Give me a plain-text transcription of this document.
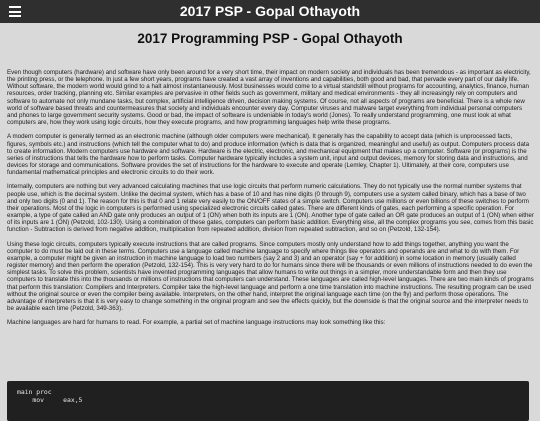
2017 PSP - Gopal Othayoth
2017 Programming PSP - Gopal Othayoth

Even though computers (hardware) and software have only been around for a very short time, their impact on modern society and individuals has been tremendous - as important as electricity, the printing press, or the telephone. In just a few short years, programs have created a vast array of inventions and capabilities, both good and bad, that pervade every part of our daily life. Without software, the modern world would grind to a halt almost instantaneously. Most businesses would come to a virtual standstill without programs for accounting, analytics, finance, human resources, order tracking, planning etc. Similar examples are pervasive in other fields such as government, military and medical environments - they all increasingly rely on computers and software to automate not only mundane tasks, but complex, artificial intelligence driven, decision making systems. Of course, not all aspects of programs are beneficial. There is a whole new world of software based threats and countermeasures that society and individuals encounter every day. Computer viruses and malware target everything from individual personal computers and phones to large government security systems. Good or bad, the impact of software is undeniable in today's world (Jones). To really understand programming, one must look at what computers are, how they work using logic circuits, how they execute programs, and how programming languages help write these programs.

A modern computer is generally termed as an electronic machine (although older computers were mechanical). It generally has the capability to accept data (which is unprocessed facts, figures, symbols etc.) and instructions (which tell the computer what to do) and produce information (which is data that is organized, meaningful and useful) as output. Computers process data to create information. Modern computers use hardware and software. Hardware is the electric, electronic, and mechanical equipment that makes up a computer. Software (or programs) is the series of instructions that tells the hardware how to perform tasks. Computer hardware typically includes a system unit, input and output devices, memory for storing data and instructions, and devices for storage and communications. Software provides the set of instructions for the hardware to execute and operate (Lemley, Chapter 1). Ultimately, at their core, computers use fundamental mathematical principles and electronic circuits to do their work.

Internally, computers are nothing but very advanced calculating machines that use logic circuits that perform numeric calculations. They do not typically use the normal number systems that people use, which is the decimal system. Unlike the decimal system, which has a base of 10 and has nine digits (0 through 9), computers use a system called binary, which has a base of two and only two digits (0 and 1). The reason for this is that 0 and 1 relate very easily to the ON/OFF states of a simple switch. Computers use millions or even billions of these switches to perform their operations. Most of the logic in computers is performed using specialized electronic circuits called gates. There are different kinds of gates, each performing a specific operation. For example, a type of gate called an AND gate only produces an output of 1 (ON) when both its inputs are 1 (ON). Another type of gate called an OR gate produces an output of 1 (ON) when either of its inputs are 1 (ON) (Petzold, 102-130). Using a combination of these gates, computers can perform basic addition. Everything else, all the complex programs you see, comes from this basic function - Subtraction is derived from negative addition, multiplication from repeated addition, division from repeated subtraction, and so on (Petzold, 132-154).

Using these logic circuits, computers typically execute instructions that are called programs. Since computers mostly only understand how to add things together, anything you want the computer to do must be laid out in these terms. Computers use a language called machine language to specify where things like operators and operands are and what to do with them. For example, a computer might be given an instruction in machine language to load two numbers (say 2 and 3) and an operator (say + for addition) in some location in memory (usually called register memory) and then perform the operation (Petzold, 132-154). This is very very hard to do for humans since there will be thousands or even millions of instructions needed to do even the simplest tasks. To solve this problem, scientists have invented programming languages that allow humans to write out things in a simpler, more understandable form and then they use computers to translate this into the thousands or millions of instructions that computers can understand. These languages are called high-level languages. There are two main kinds of programs that perform this translation: Compilers and Interpreters. Compiler take the high-level language and perform a one time translation into machine instructions. The resulting program can be used without the original source or even the compiler being available. Interpreters, on the other hand, interpret the original language each time (on the fly) and perform those operations. The advantage of interpreters is that it is very easy to change something in the original program and see the effects quickly, but the downside is that the original source and the interpreter needs to be available each time (Petzold, 349-363).

Machine languages are hard for humans to read. For example, a partial set of machine language instructions may look something like this:

main proc
mov     eax,5
